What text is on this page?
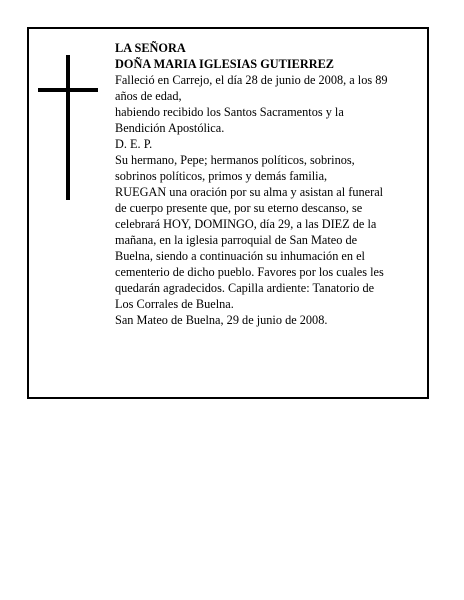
LA SEÑORA

DOÑA MARIA IGLESIAS GUTIERREZ

Falleció en Carrejo, el día 28 de junio de 2008, a los 89

años de edad,

habiendo recibido los Santos Sacramentos y la

Bendición Apostólica.

D. E. P.

Su hermano, Pepe; hermanos políticos, sobrinos,

sobrinos políticos, primos y demás familia,

RUEGAN una oración por su alma y asistan al funeral

de cuerpo presente que, por su eterno descanso, se

celebrará HOY, DOMINGO, día 29, a las DIEZ de la

mañana, en la iglesia parroquial de San Mateo de

Buelna, siendo a continuación su inhumación en el

cementerio de dicho pueblo. Favores por los cuales les

quedarán agradecidos. Capilla ardiente: Tanatorio de

Los Corrales de Buelna.

San Mateo de Buelna, 29 de junio de 2008.
